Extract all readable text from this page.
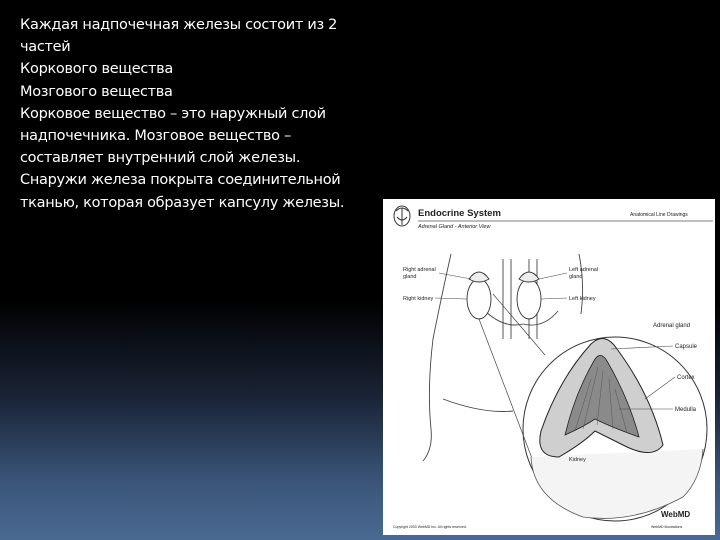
Каждая надпочечная железы состоит из 2
частей
Коркового вещества
Мозгового вещества
Корковое вещество – это наружный слой
надпочечника. Мозговое вещество –
составляет внутренний слой железы.
Снаружи железа покрыта соединительной
тканью, которая образует капсулу железы.
Endocrine System
Adrenal Gland - Anterior View
Anatomical Line Drawings
Right adrenal
gland
Right kidney
Left adrenal
gland
Left kidney
Adrenal gland
Capsule
Cortex
Medulla
Kidney
WebMD
Copyright 2003 WebMD Inc. All rights reserved.	WebMD Illustrations
